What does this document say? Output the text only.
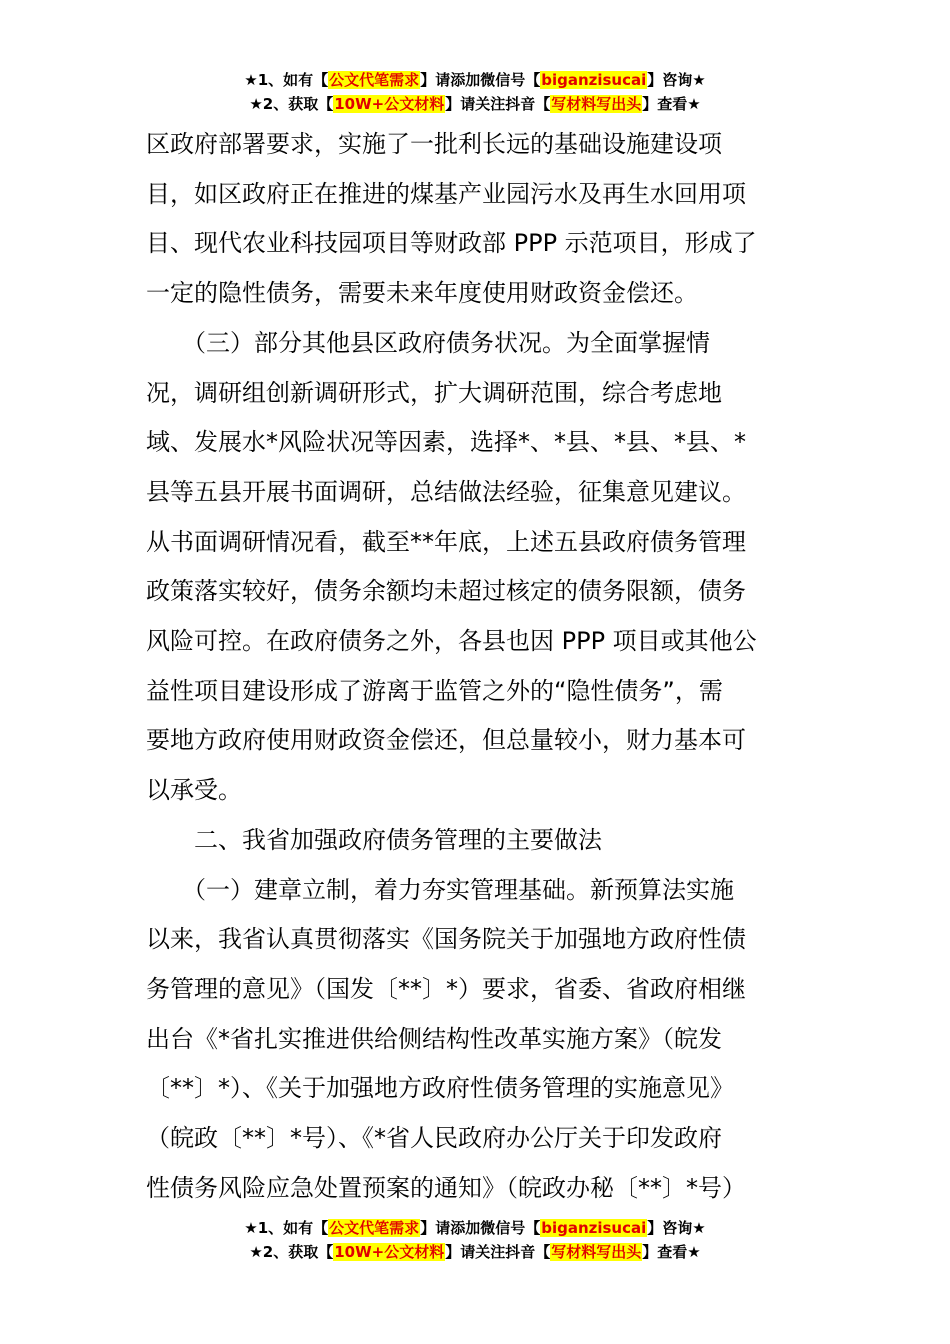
★1、如有【公文代笔需求】请添加微信号【biganzisucai】咨询★
★2、获取【10W+公文材料】请关注抖音【写材料写出头】查看★

区政府部署要求，实施了一批利长远的基础设施建设项

目，如区政府正在推进的煤基产业园污水及再生水回用项

目、现代农业科技园项目等财政部 PPP 示范项目，形成了

一定的隐性债务，需要未来年度使用财政资金偿还。

　　（三）部分其他县区政府债务状况。为全面掌握情

况，调研组创新调研形式，扩大调研范围，综合考虑地

域、发展水*风险状况等因素，选择*、*县、*县、*县、*

县等五县开展书面调研，总结做法经验，征集意见建议。

从书面调研情况看，截至**年底，上述五县政府债务管理

政策落实较好，债务余额均未超过核定的债务限额，债务

风险可控。在政府债务之外，各县也因 PPP 项目或其他公

益性项目建设形成了游离于监管之外的“隐性债务”，需

要地方政府使用财政资金偿还，但总量较小，财力基本可

以承受。

　　二、我省加强政府债务管理的主要做法

　　（一）建章立制，着力夯实管理基础。新预算法实施

以来，我省认真贯彻落实《国务院关于加强地方政府性债

务管理的意见》（国发〔**〕*）要求，省委、省政府相继

出台《*省扎实推进供给侧结构性改革实施方案》（皖发

〔**〕*）、《关于加强地方政府性债务管理的实施意见》

（皖政〔**〕*号）、《*省人民政府办公厅关于印发政府

性债务风险应急处置预案的通知》（皖政办秘〔**〕*号）

★1、如有【公文代笔需求】请添加微信号【biganzisucai】咨询★
★2、获取【10W+公文材料】请关注抖音【写材料写出头】查看★
